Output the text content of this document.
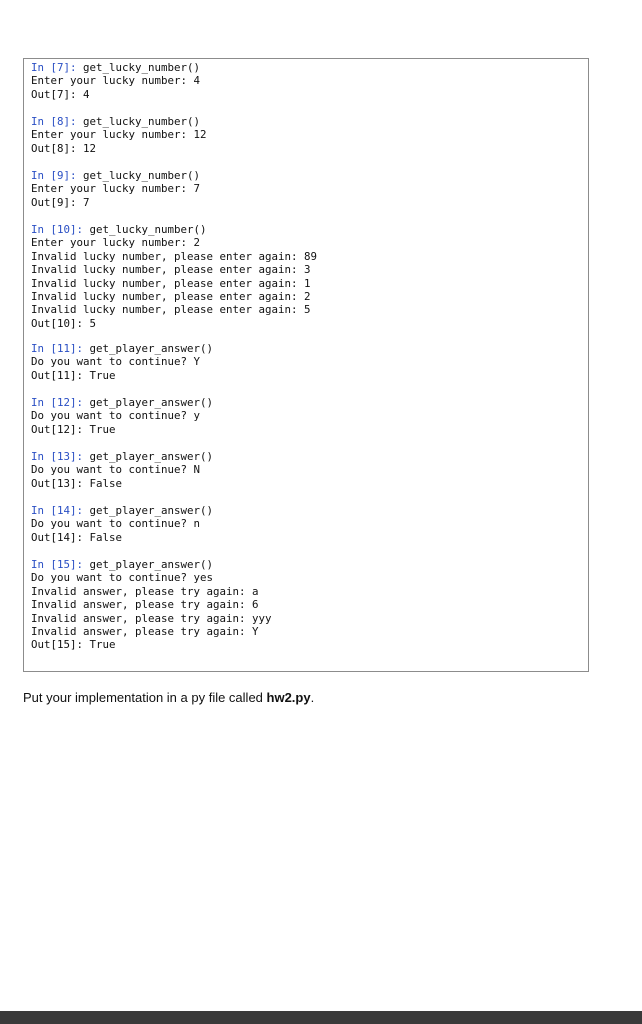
In [7]: get_lucky_number()
Enter your lucky number: 4
Out[7]: 4
In [8]: get_lucky_number()
Enter your lucky number: 12
Out[8]: 12
In [9]: get_lucky_number()
Enter your lucky number: 7
Out[9]: 7
In [10]: get_lucky_number()
Enter your lucky number: 2
Invalid lucky number, please enter again: 89
Invalid lucky number, please enter again: 3
Invalid lucky number, please enter again: 1
Invalid lucky number, please enter again: 2
Invalid lucky number, please enter again: 5
Out[10]: 5
In [11]: get_player_answer()
Do you want to continue? Y
Out[11]: True
In [12]: get_player_answer()
Do you want to continue? y
Out[12]: True
In [13]: get_player_answer()
Do you want to continue? N
Out[13]: False
In [14]: get_player_answer()
Do you want to continue? n
Out[14]: False
In [15]: get_player_answer()
Do you want to continue? yes
Invalid answer, please try again: a
Invalid answer, please try again: 6
Invalid answer, please try again: yyy
Invalid answer, please try again: Y
Out[15]: True
Put your implementation in a py file called hw2.py.
